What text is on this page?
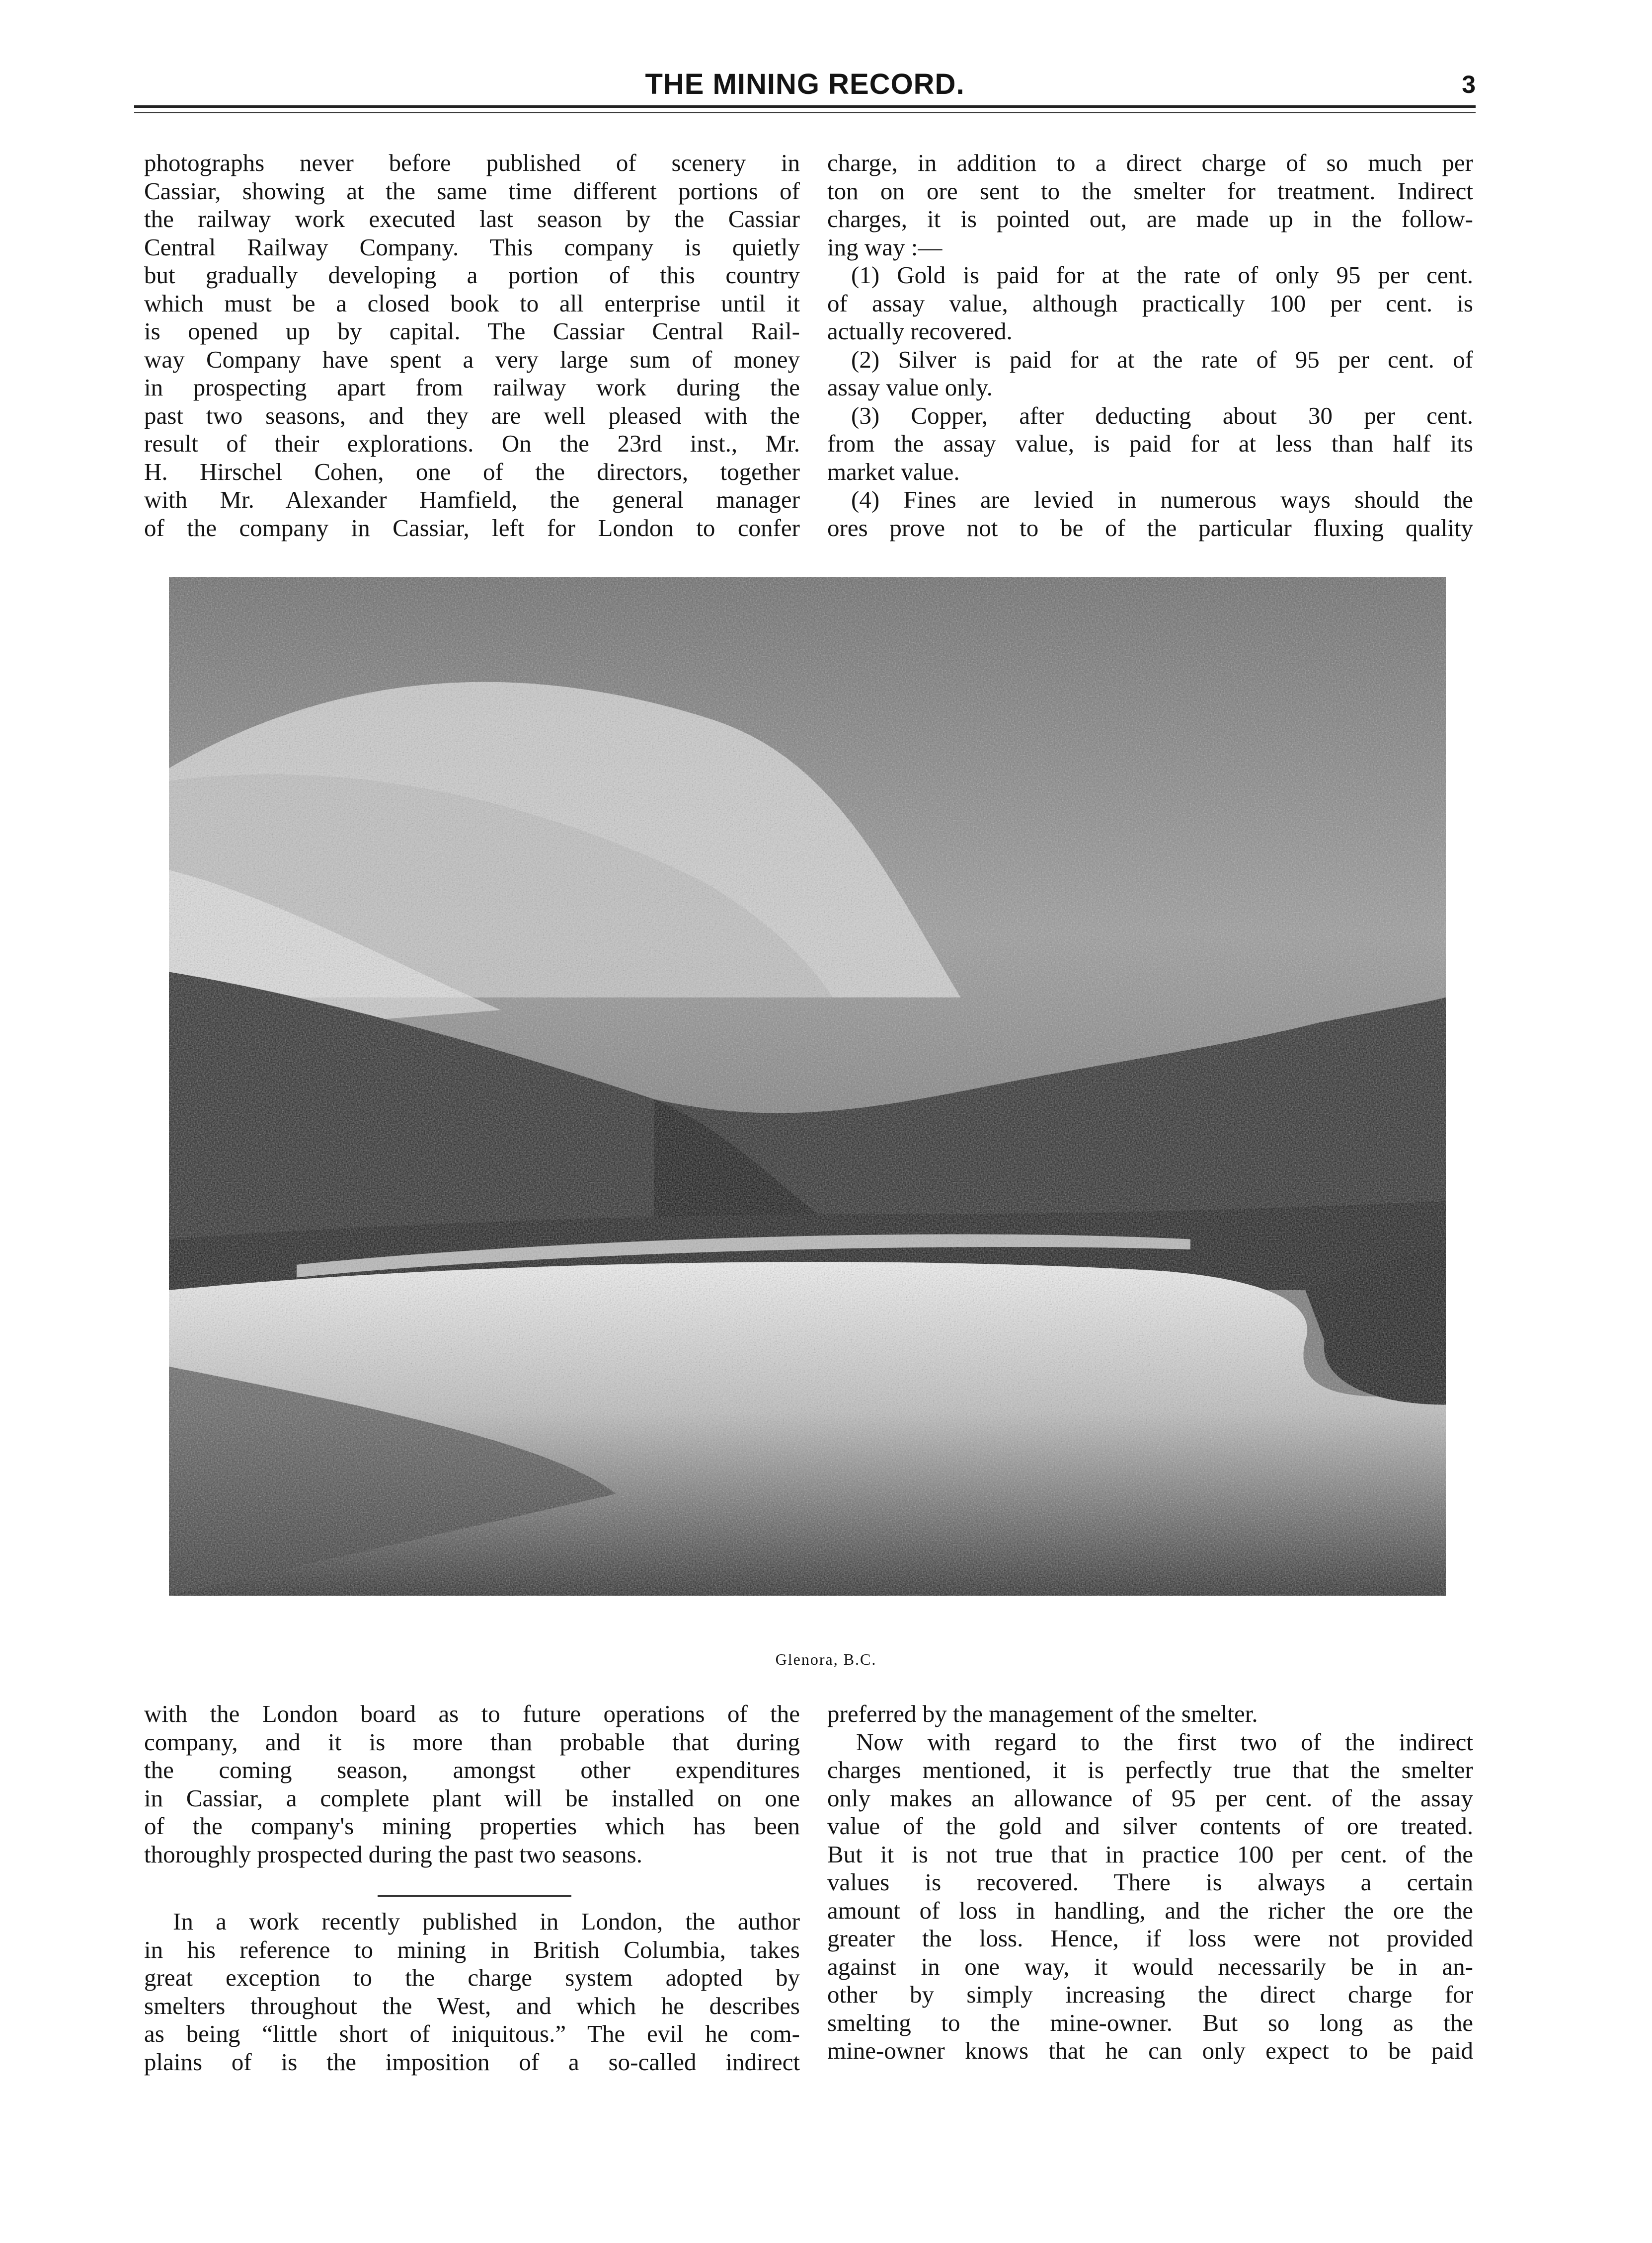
THE MINING RECORD.	3

photographs never before published of scenery in

Cassiar, showing at the same time different portions of

the railway work executed last season by the Cassiar

Central Railway Company. This company is quietly

but gradually developing a portion of this country

which must be a closed book to all enterprise until it

is opened up by capital. The Cassiar Central Rail-

way Company have spent a very large sum of money

in prospecting apart from railway work during the

past two seasons, and they are well pleased with the

result of their explorations. On the 23rd inst., Mr.

H. Hirschel Cohen, one of the directors, together

with Mr. Alexander Hamfield, the general manager

of the company in Cassiar, left for London to confer

charge, in addition to a direct charge of so much per

ton on ore sent to the smelter for treatment. Indirect

charges, it is pointed out, are made up in the follow-

ing way :—

(1) Gold is paid for at the rate of only 95 per cent.

of assay value, although practically 100 per cent. is

actually recovered.

(2) Silver is paid for at the rate of 95 per cent. of

assay value only.

(3) Copper, after deducting about 30 per cent.

from the assay value, is paid for at less than half its

market value.

(4) Fines are levied in numerous ways should the

ores prove not to be of the particular fluxing quality

Glenora, B.C.

with the London board as to future operations of the

company, and it is more than probable that during

the coming season, amongst other expenditures

in Cassiar, a complete plant will be installed on one

of the company's mining properties which has been

thoroughly prospected during the past two seasons.

In a work recently published in London, the author

in his reference to mining in British Columbia, takes

great exception to the charge system adopted by

smelters throughout the West, and which he describes

as being “little short of iniquitous.” The evil he com-

plains of is the imposition of a so-called indirect

preferred by the management of the smelter.

Now with regard to the first two of the indirect

charges mentioned, it is perfectly true that the smelter

only makes an allowance of 95 per cent. of the assay

value of the gold and silver contents of ore treated.

But it is not true that in practice 100 per cent. of the

values is recovered. There is always a certain

amount of loss in handling, and the richer the ore the

greater the loss. Hence, if loss were not provided

against in one way, it would necessarily be in an-

other by simply increasing the direct charge for

smelting to the mine-owner. But so long as the

mine-owner knows that he can only expect to be paid
